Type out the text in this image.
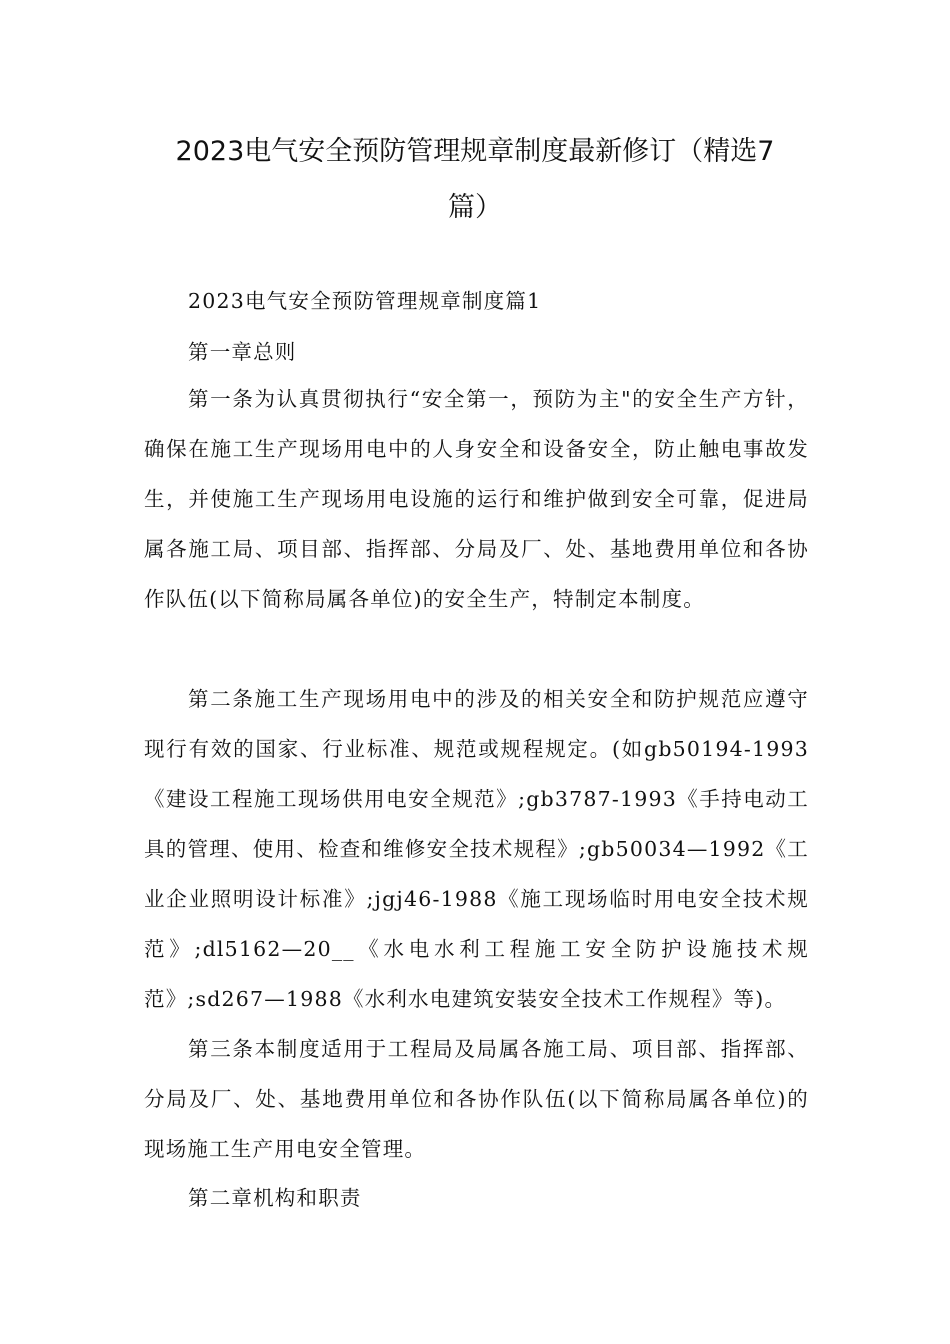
2023电气安全预防管理规章制度最新修订（精选7
篇）
2023电气安全预防管理规章制度篇1
第一章总则

第一条为认真贯彻执行“安全第一，预防为主"的安全生产方针，确保在施工生产现场用电中的人身安全和设备安全，防止触电事故发生，并使施工生产现场用电设施的运行和维护做到安全可靠，促进局属各施工局、项目部、指挥部、分局及厂、处、基地费用单位和各协作队伍(以下简称局属各单位)的安全生产，特制定本制度。

第二条施工生产现场用电中的涉及的相关安全和防护规范应遵守现行有效的国家、行业标准、规范或规程规定。(如gb50194-1993《建设工程施工现场供用电安全规范》;gb3787-1993《手持电动工具的管理、使用、检查和维修安全技术规程》;gb50034—1992《工业企业照明设计标准》;jgj46-1988《施工现场临时用电安全技术规范》;dl5162—20__《水电水利工程施工安全防护设施技术规范》;sd267—1988《水利水电建筑安装安全技术工作规程》等)。

第三条本制度适用于工程局及局属各施工局、项目部、指挥部、分局及厂、处、基地费用单位和各协作队伍(以下简称局属各单位)的现场施工生产用电安全管理。

第二章机构和职责
